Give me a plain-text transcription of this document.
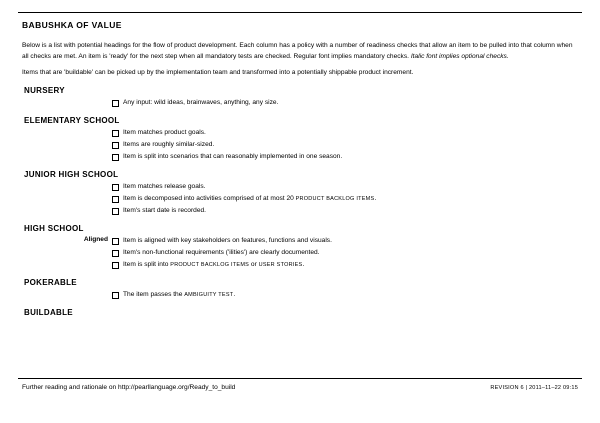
BABUSHKA OF VALUE

Below is a list with potential headings for the flow of product development. Each column has a policy with a number of readiness checks that allow an item to be pulled into that column when all checks are met. An item is 'ready' for the next step when all mandatory tests are checked. Regular font implies mandatory checks. Italic font implies optional checks.

Items that are 'buildable' can be picked up by the implementation team and transformed into a potentially shippable product increment.

NURSERY
Any input: wild ideas, brainwaves, anything, any size.
ELEMENTARY SCHOOL
Item matches product goals.
Items are roughly similar-sized.
Item is split into scenarios that can reasonably implemented in one season.
JUNIOR HIGH SCHOOL
Item matches release goals.
Item is decomposed into activities comprised of at most 20 PRODUCT BACKLOG ITEMS.
Item's start date is recorded.
HIGH SCHOOL
Aligned Item is aligned with key stakeholders on features, functions and visuals.
Item's non-functional requirements ('ilities') are clearly documented.
Item is split into PRODUCT BACKLOG ITEMS or USER STORIES.
POKERABLE
The item passes the AMBIGUITY TEST.
BUILDABLE
Further reading and rationale on http://pearllanguage.org/Ready_to_build	REVISION 6 | 2011–11–22 09:15
